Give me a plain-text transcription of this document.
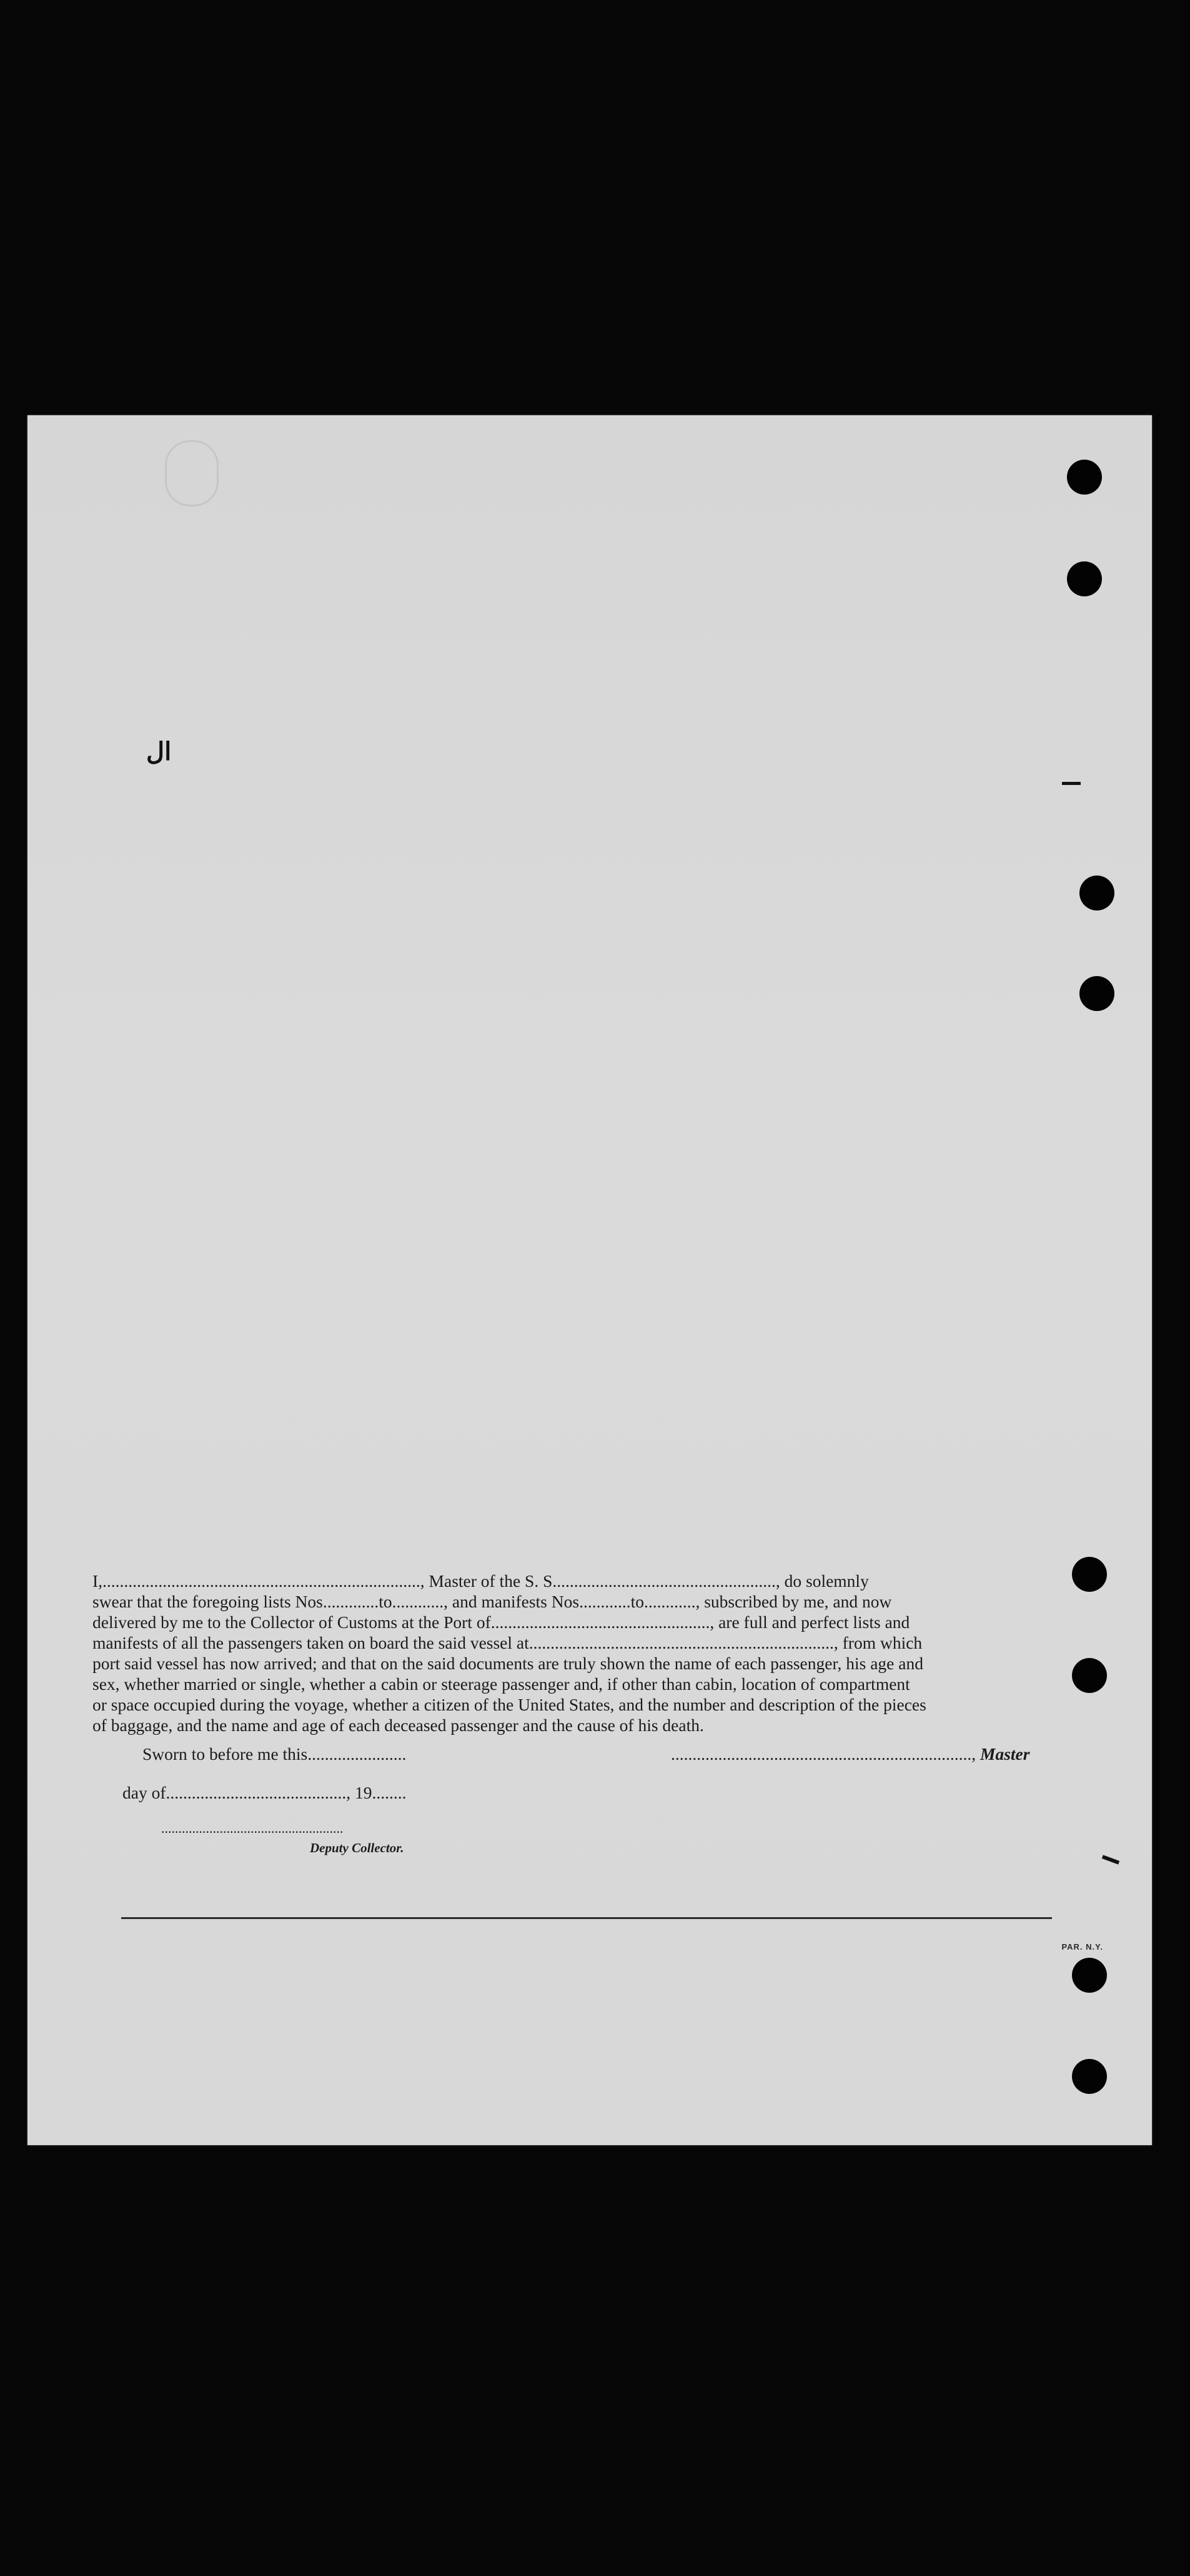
ال
I,.........................................................................., Master of the S. S...................................................., do solemnly
swear that the foregoing lists Nos.............to............, and manifests Nos............to............, subscribed by me, and now
delivered by me to the Collector of Customs at the Port of..................................................., are full and perfect lists and
manifests of all the passengers taken on board the said vessel at......................................................................., from which
port said vessel has now arrived; and that on the said documents are truly shown the name of each passenger, his age and
sex, whether married or single, whether a cabin or steerage passenger and, if other than cabin, location of compartment
or space occupied during the voyage, whether a citizen of the United States, and the number and description of the pieces
of baggage, and the name and age of each deceased passenger and the cause of his death.
Sworn to before me this.......................	......................................................................, Master
day of.........................................., 19........
.....................................................
Deputy Collector.
PAR. N.Y.
